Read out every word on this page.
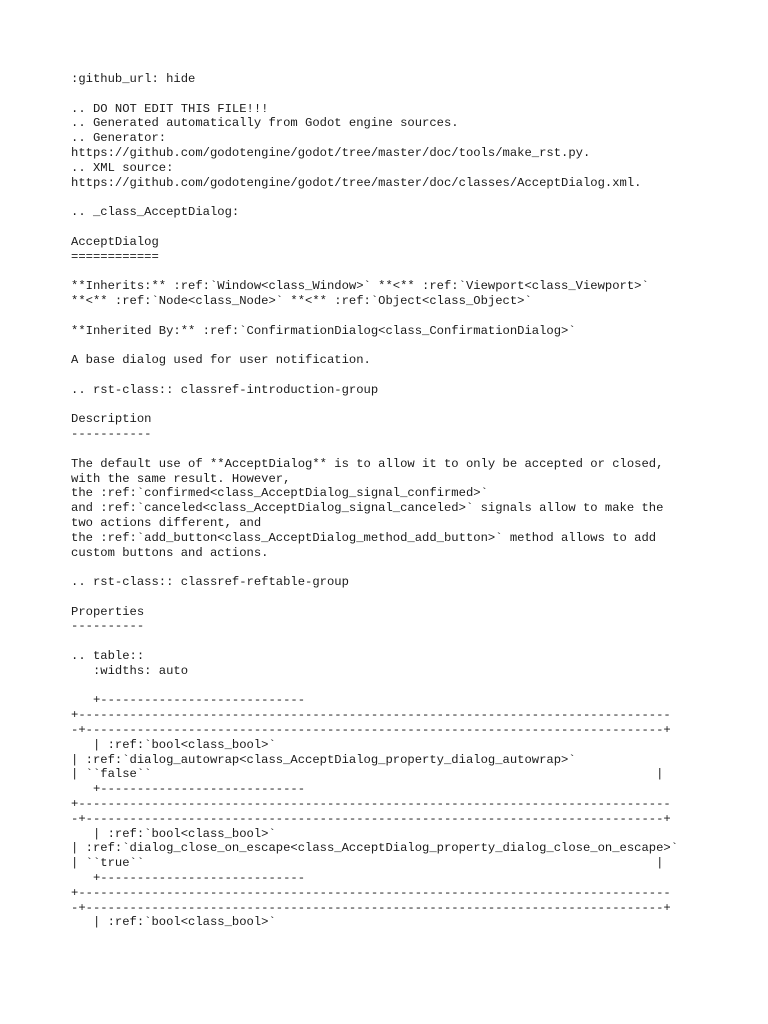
:github_url: hide
.. DO NOT EDIT THIS FILE!!!
.. Generated automatically from Godot engine sources.
.. Generator:
https://github.com/godotengine/godot/tree/master/doc/tools/make_rst.py.
.. XML source:
https://github.com/godotengine/godot/tree/master/doc/classes/AcceptDialog.xml.
.. _class_AcceptDialog:
AcceptDialog
============
**Inherits:** :ref:`Window<class_Window>` **<** :ref:`Viewport<class_Viewport>`
**<** :ref:`Node<class_Node>` **<** :ref:`Object<class_Object>`
**Inherited By:** :ref:`ConfirmationDialog<class_ConfirmationDialog>`
A base dialog used for user notification.
.. rst-class:: classref-introduction-group
Description
-----------
The default use of **AcceptDialog** is to allow it to only be accepted or closed,
with the same result. However,
the :ref:`confirmed<class_AcceptDialog_signal_confirmed>`
and :ref:`canceled<class_AcceptDialog_signal_canceled>` signals allow to make the
two actions different, and
the :ref:`add_button<class_AcceptDialog_method_add_button>` method allows to add
custom buttons and actions.
.. rst-class:: classref-reftable-group
Properties
----------
.. table::
:widths: auto
+----------------------------
+---------------------------------------------------------------------------------
-+-------------------------------------------------------------------------------+
| :ref:`bool<class_bool>`
| :ref:`dialog_autowrap<class_AcceptDialog_property_dialog_autowrap>`
| ``false``                                                                     |
+----------------------------
+---------------------------------------------------------------------------------
-+-------------------------------------------------------------------------------+
| :ref:`bool<class_bool>`
| :ref:`dialog_close_on_escape<class_AcceptDialog_property_dialog_close_on_escape>`
| ``true``                                                                      |
+----------------------------
+---------------------------------------------------------------------------------
-+-------------------------------------------------------------------------------+
| :ref:`bool<class_bool>`
